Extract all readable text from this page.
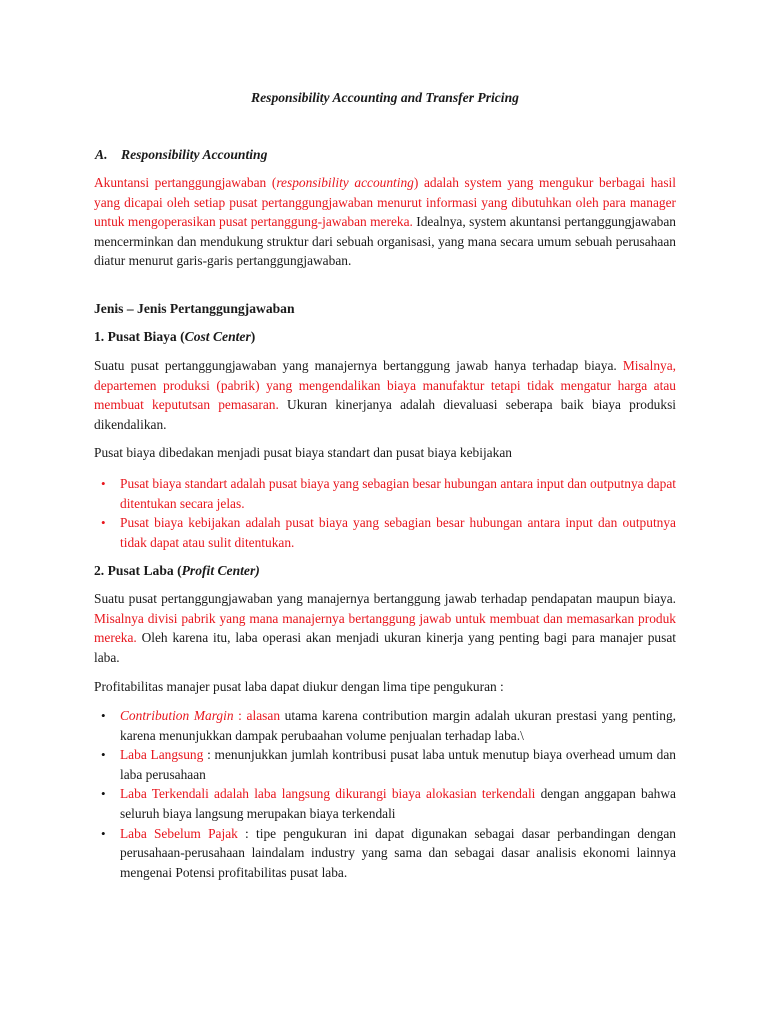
Responsibility Accounting and Transfer Pricing
A. Responsibility Accounting

Akuntansi pertanggungjawaban (responsibility accounting) adalah system yang mengukur berbagai hasil yang dicapai oleh setiap pusat pertanggungjawaban menurut informasi yang dibutuhkan oleh para manager untuk mengoperasikan pusat pertanggung-jawaban mereka. Idealnya, system akuntansi pertanggungjawaban mencerminkan dan mendukung struktur dari sebuah organisasi, yang mana secara umum sebuah perusahaan diatur menurut garis-garis pertanggungjawaban.

Jenis – Jenis Pertanggungjawaban
1. Pusat Biaya (Cost Center)

Suatu pusat pertanggungjawaban yang manajernya bertanggung jawab hanya terhadap biaya. Misalnya, departemen produksi (pabrik) yang mengendalikan biaya manufaktur tetapi tidak mengatur harga atau membuat kepututsan pemasaran. Ukuran kinerjanya adalah dievaluasi seberapa baik biaya produksi dikendalikan.

Pusat biaya dibedakan menjadi pusat biaya standart dan pusat biaya kebijakan

• Pusat biaya standart adalah pusat biaya yang sebagian besar hubungan antara input dan outputnya dapat ditentukan secara jelas.
• Pusat biaya kebijakan adalah pusat biaya yang sebagian besar hubungan antara input dan outputnya tidak dapat atau sulit ditentukan.
2. Pusat Laba (Profit Center)

Suatu pusat pertanggungjawaban yang manajernya bertanggung jawab terhadap pendapatan maupun biaya. Misalnya divisi pabrik yang mana manajernya bertanggung jawab untuk membuat dan memasarkan produk mereka. Oleh karena itu, laba operasi akan menjadi ukuran kinerja yang penting bagi para manajer pusat laba.

Profitabilitas manajer pusat laba dapat diukur dengan lima tipe pengukuran :

• Contribution Margin : alasan utama karena contribution margin adalah ukuran prestasi yang penting, karena menunjukkan dampak perubaahan volume penjualan terhadap laba.\
• Laba Langsung : menunjukkan jumlah kontribusi pusat laba untuk menutup biaya overhead umum dan laba perusahaan
• Laba Terkendali adalah laba langsung dikurangi biaya alokasian terkendali dengan anggapan bahwa seluruh biaya langsung merupakan biaya terkendali
• Laba Sebelum Pajak : tipe pengukuran ini dapat digunakan sebagai dasar perbandingan dengan perusahaan-perusahaan laindalam industry yang sama dan sebagai dasar analisis ekonomi lainnya mengenai Potensi profitabilitas pusat laba.
